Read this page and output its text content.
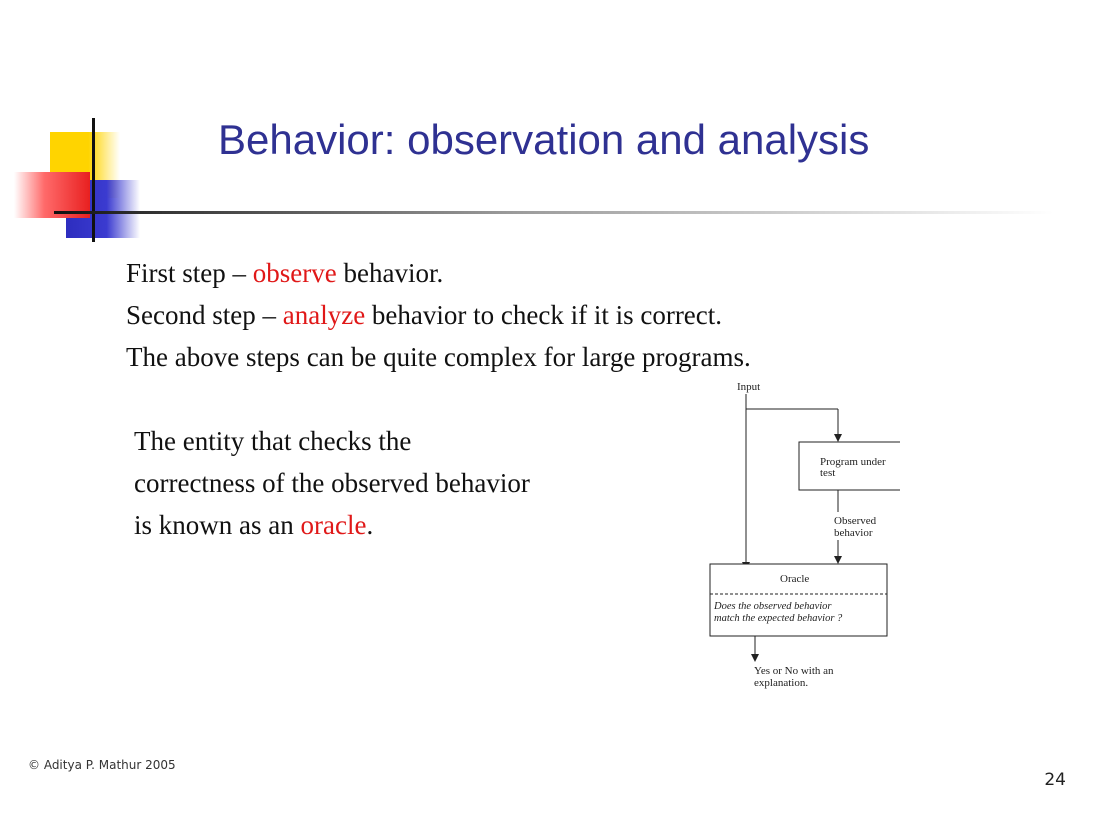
Behavior: observation and analysis
First step – observe behavior.
Second step – analyze behavior to check if it is correct.
The above steps can be quite complex for large programs.
The entity that checks the
correctness of the observed behavior
is known as an oracle.
Input
Program under
test
Observed
behavior
Oracle
Does the observed behavior
match the expected behavior ?
Yes or No with an
explanation.
© Aditya P. Mathur 2005
24
